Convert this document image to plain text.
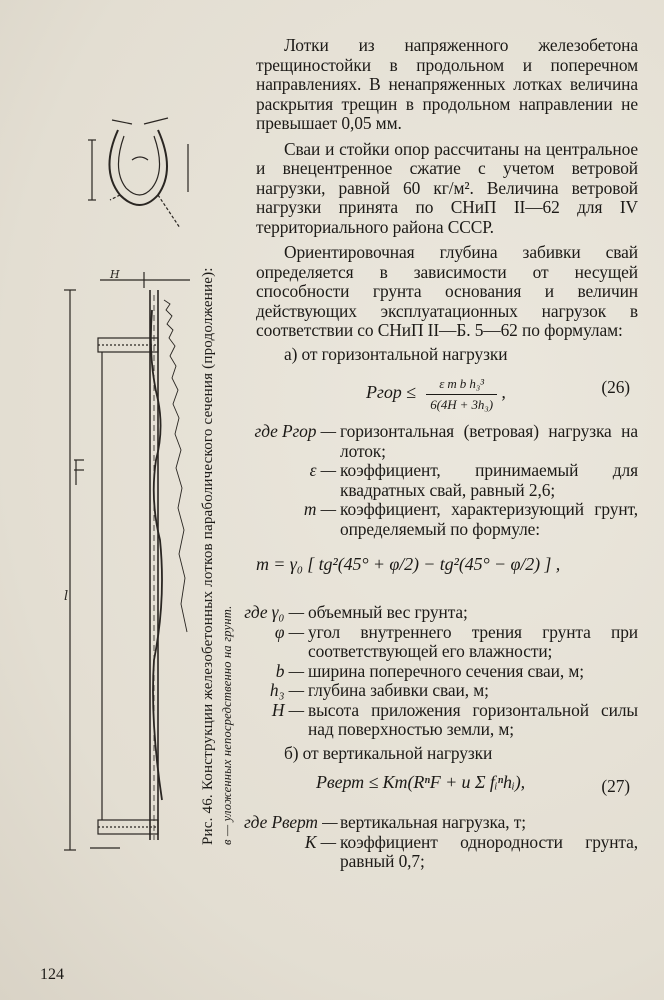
H
l	Рис. 46. Конструкции железобетонных лотков параболического сечения (продолжение): в — уложенных непосредственно на грунт.

Лотки из напряженного железобетона трещиностойки в продольном и поперечном направлениях. В ненапряженных лотках величина раскрытия трещин в продольном направлении не превышает 0,05 мм.

Сваи и стойки опор рассчитаны на центральное и внецентренное сжатие с учетом ветровой нагрузки, равной 60 кг/м². Величина ветровой нагрузки принята по СНиП II—62 для IV территориального района СССР.

Ориентировочная глубина забивки свай определяется в зависимости от несущей способности грунта основания и величин действующих эксплуатационных нагрузок в соответствии со СНиП II—Б. 5—62 по формулам:

а) от горизонтальной нагрузки

Pгор ≤ $\frac{\text{ε m b h₃³}}{\text{6(4H + 3h₃)}}$ ,	(26)
где Pгор — горизонтальная (ветровая) нагрузка на лоток;
ε — коэффициент, принимаемый для квадратных свай, равный 2,6;
m — коэффициент, характеризующий грунт, определяемый по формуле:
m = γ₀ [ tg²(45° + φ/2) − tg²(45° − φ/2) ] ,
где γ₀ — объемный вес грунта;
φ — угол внутреннего трения грунта при соответствующей его влажности;
b — ширина поперечного сечения сваи, м;
h₃ — глубина забивки сваи, м;
H — высота приложения горизонтальной силы над поверхностью земли, м;

б) от вертикальной нагрузки

Pверт ≤ Km(RⁿF + u Σ fᵢⁿhᵢ),	(27)
где Pверт — вертикальная нагрузка, т;
K — коэффициент однородности грунта, равный 0,7;
124
